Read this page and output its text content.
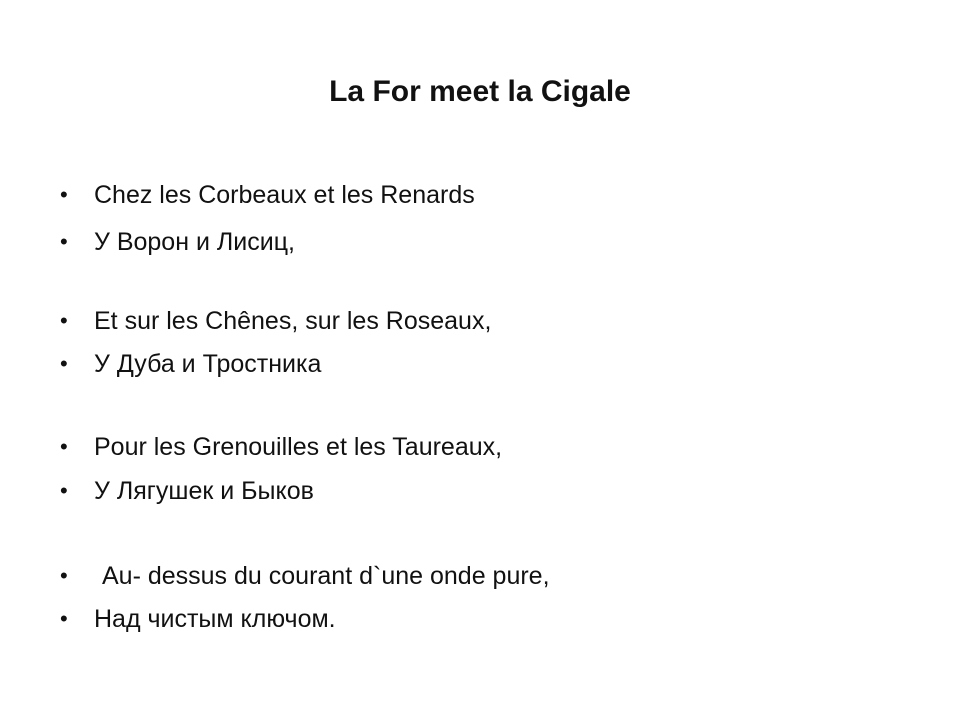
La For meet la Cigale
• Chez les Corbeaux et les Renards
• У Ворон и Лисиц,
• Et sur les Chênes, sur les Roseaux,
• У Дуба и Тростника
• Pour les Grenouilles et les Taureaux,
• У Лягушек и Быков
• Au- dessus du courant d`une onde pure,
• Над чистым ключом.
